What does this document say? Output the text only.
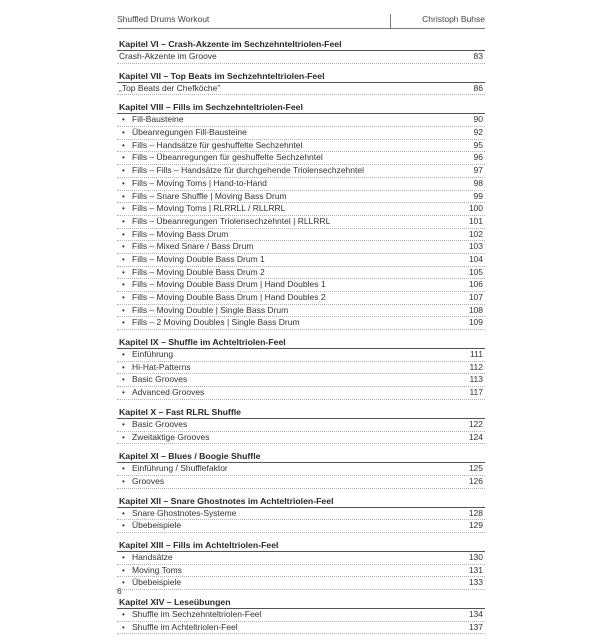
Shuffled Drums Workout	Christoph Buhse
Kapitel VI – Crash-Akzente im Sechzehnteltriolen-Feel
Crash-Akzente im Groove	83
Kapitel VII – Top Beats im Sechzehnteltriolen-Feel
„Top Beats der Chefköche"	86
Kapitel VIII – Fills im Sechzehnteltriolen-Feel
• Fill-Bausteine	90
• Übeanregungen Fill-Bausteine	92
• Fills – Handsätze für geshuffelte Sechzehntel	95
• Fills – Übeanregungen für geshuffelte Sechzehntel	96
• Fills – Fills – Handsätze für durchgehende Triolensechzehntel	97
• Fills – Moving Toms | Hand-to-Hand	98
• Fills – Snare Shuffle | Moving Bass Drum	99
• Fills – Moving Toms | RLRRLL / RLLRRL	100
• Fills – Übeanregungen Triolensechzehntel | RLLRRL	101
• Fills – Moving Bass Drum	102
• Fills – Mixed Snare / Bass Drum	103
• Fills – Moving Double Bass Drum 1	104
• Fills – Moving Double Bass Drum 2	105
• Fills – Moving Double Bass Drum | Hand Doubles 1	106
• Fills – Moving Double Bass Drum | Hand Doubles 2	107
• Fills – Moving Double | Single Bass Drum	108
• Fills – 2 Moving Doubles | Single Bass Drum	109
Kapitel IX – Shuffle im Achteltriolen-Feel
• Einführung	111
• Hi-Hat-Patterns	112
• Basic Grooves	113
• Advanced Grooves	117
Kapitel X – Fast RLRL Shuffle
• Basic Grooves	122
• Zweitaktige Grooves	124
Kapitel XI – Blues / Boogie Shuffle
• Einführung / Shufflefaktor	125
• Grooves	126
Kapitel XII – Snare Ghostnotes im Achteltriolen-Feel
• Snare Ghostnotes-Systeme	128
• Übebeispiele	129
Kapitel XIII – Fills im Achteltriolen-Feel
• Handsätze	130
• Moving Toms	131
• Übebeispiele	133
Kapitel XIV – Leseübungen
• Shuffle im Sechzehnteltriolen-Feel	134
• Shuffle im Achteltriolen-Feel	137
6
